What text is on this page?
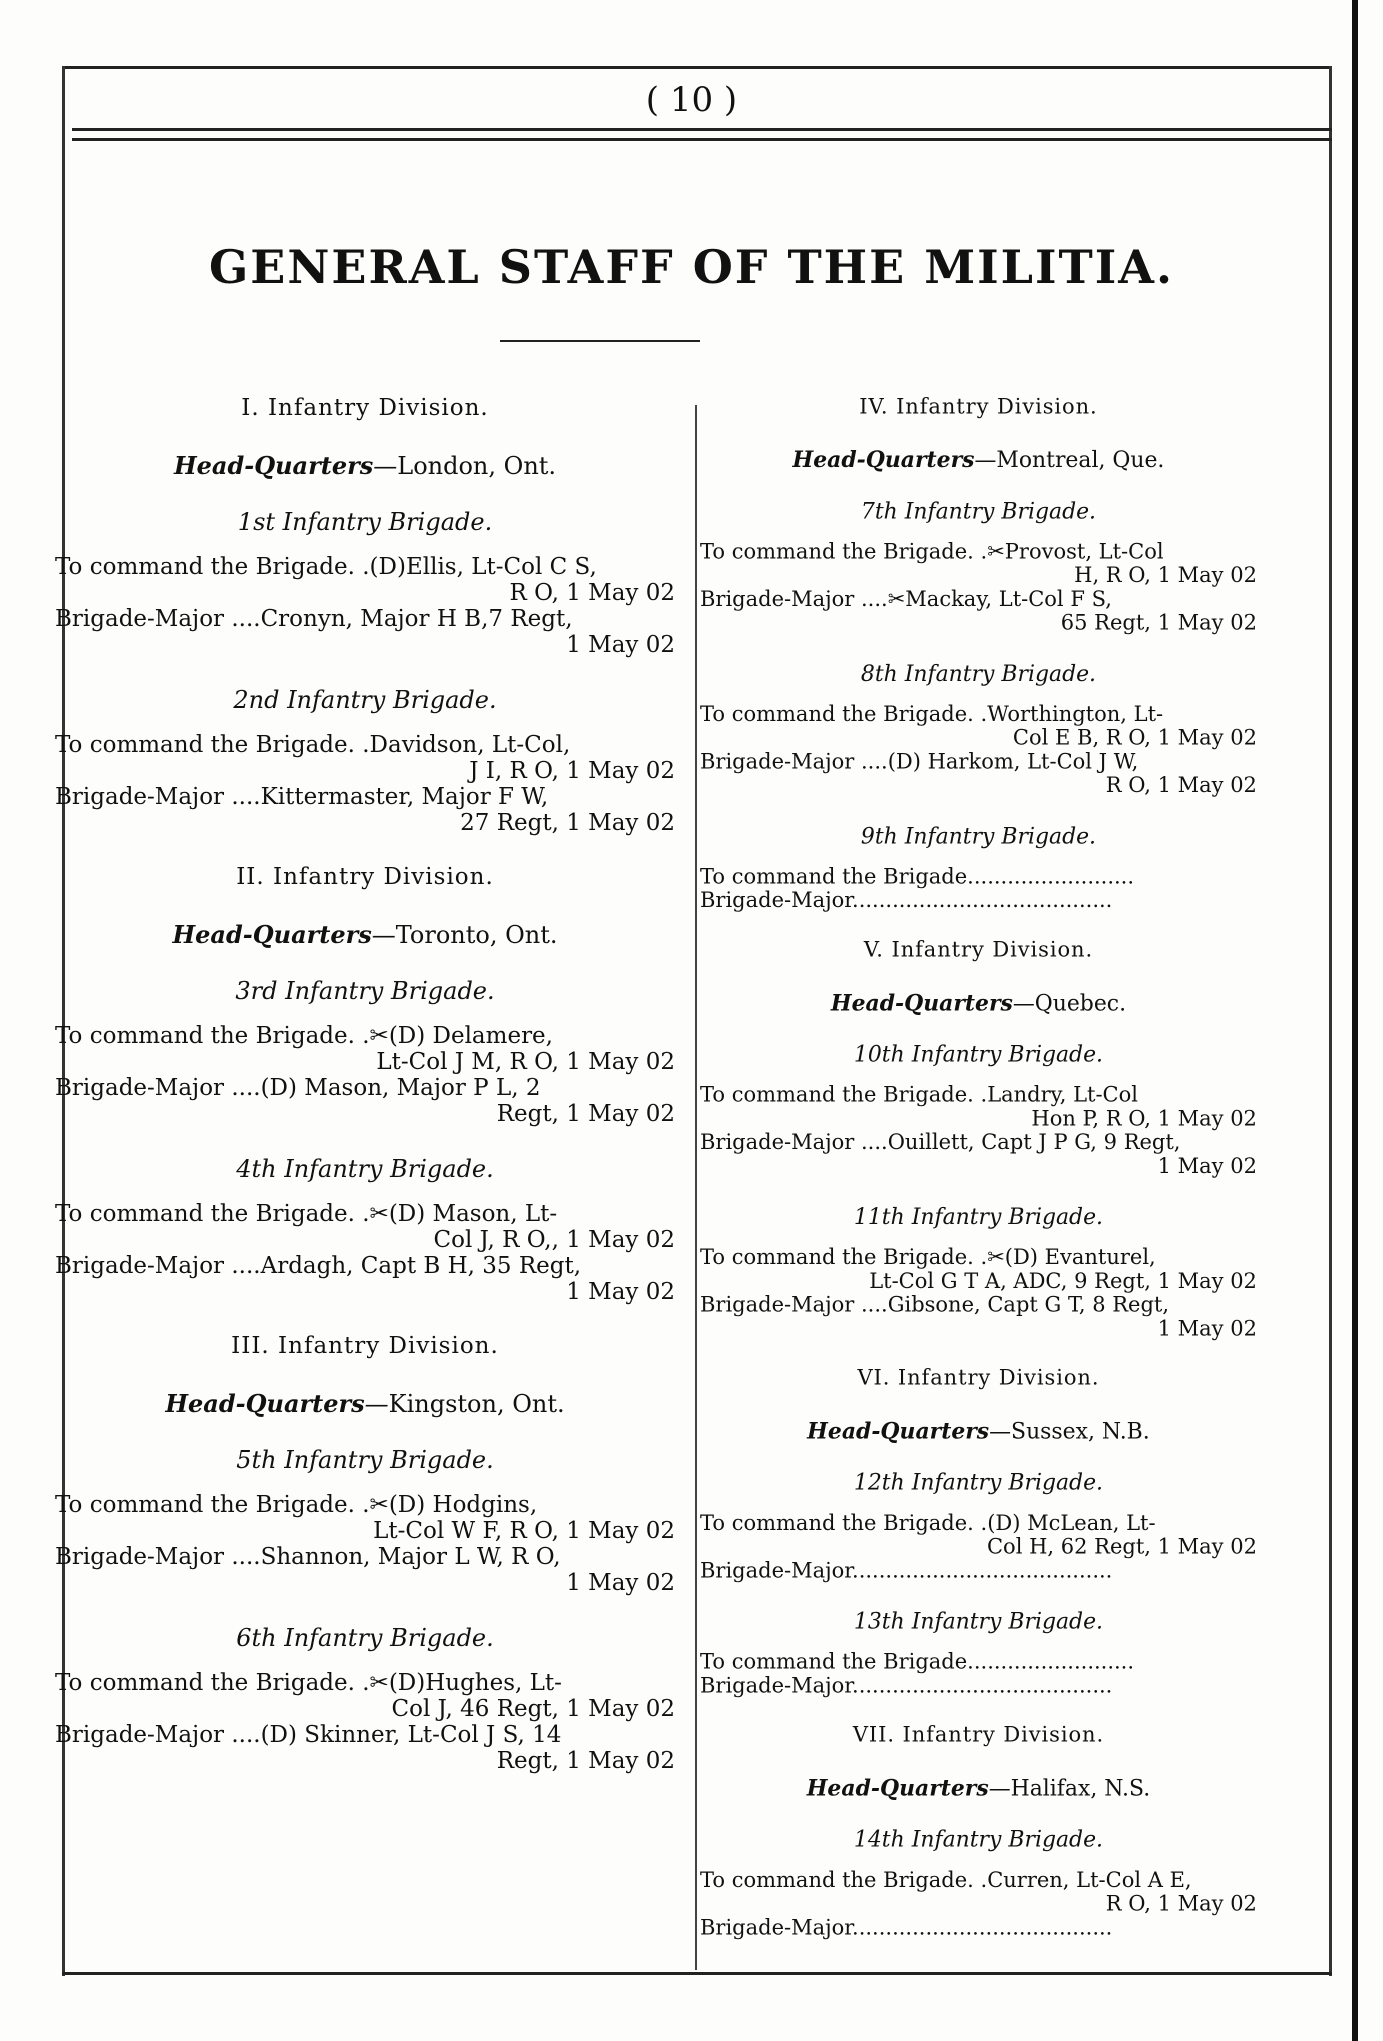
( 10 )
GENERAL STAFF OF THE MILITIA.
I. Infantry Division.
Head-Quarters—London, Ont.
1st Infantry Brigade.
To command the Brigade. .(D)Ellis, Lt-Col C S,
R O, 1 May 02
Brigade-Major ....Cronyn, Major H B,7 Regt,
1 May 02
2nd Infantry Brigade.
To command the Brigade. .Davidson, Lt-Col,
J I, R O, 1 May 02
Brigade-Major ....Kittermaster, Major F W,
27 Regt, 1 May 02
II. Infantry Division.
Head-Quarters—Toronto, Ont.
3rd Infantry Brigade.
To command the Brigade. .✂(D) Delamere,
Lt-Col J M, R O, 1 May 02
Brigade-Major ....(D) Mason, Major P L, 2
Regt, 1 May 02
4th Infantry Brigade.
To command the Brigade. .✂(D) Mason, Lt-
Col J, R O,, 1 May 02
Brigade-Major ....Ardagh, Capt B H, 35 Regt,
1 May 02
III. Infantry Division.
Head-Quarters—Kingston, Ont.
5th Infantry Brigade.
To command the Brigade. .✂(D) Hodgins,
Lt-Col W F, R O, 1 May 02
Brigade-Major ....Shannon, Major L W, R O,
1 May 02
6th Infantry Brigade.
To command the Brigade. .✂(D)Hughes, Lt-
Col J, 46 Regt, 1 May 02
Brigade-Major ....(D) Skinner, Lt-Col J S, 14
Regt, 1 May 02
IV. Infantry Division.
Head-Quarters—Montreal, Que.
7th Infantry Brigade.
To command the Brigade. .✂Provost, Lt-Col
H, R O, 1 May 02
Brigade-Major ....✂Mackay, Lt-Col F S,
65 Regt, 1 May 02
8th Infantry Brigade.
To command the Brigade. .Worthington, Lt-
Col E B, R O, 1 May 02
Brigade-Major ....(D) Harkom, Lt-Col J W,
R O, 1 May 02
9th Infantry Brigade.
To command the Brigade.........................
Brigade-Major.......................................
V. Infantry Division.
Head-Quarters—Quebec.
10th Infantry Brigade.
To command the Brigade. .Landry, Lt-Col
Hon P, R O, 1 May 02
Brigade-Major ....Ouillett, Capt J P G, 9 Regt,
1 May 02
11th Infantry Brigade.
To command the Brigade. .✂(D) Evanturel,
Lt-Col G T A, ADC, 9 Regt, 1 May 02
Brigade-Major ....Gibsone, Capt G T, 8 Regt,
1 May 02
VI. Infantry Division.
Head-Quarters—Sussex, N.B.
12th Infantry Brigade.
To command the Brigade. .(D) McLean, Lt-
Col H, 62 Regt, 1 May 02
Brigade-Major.......................................
13th Infantry Brigade.
To command the Brigade.........................
Brigade-Major.......................................
VII. Infantry Division.
Head-Quarters—Halifax, N.S.
14th Infantry Brigade.
To command the Brigade. .Curren, Lt-Col A E,
R O, 1 May 02
Brigade-Major.......................................
